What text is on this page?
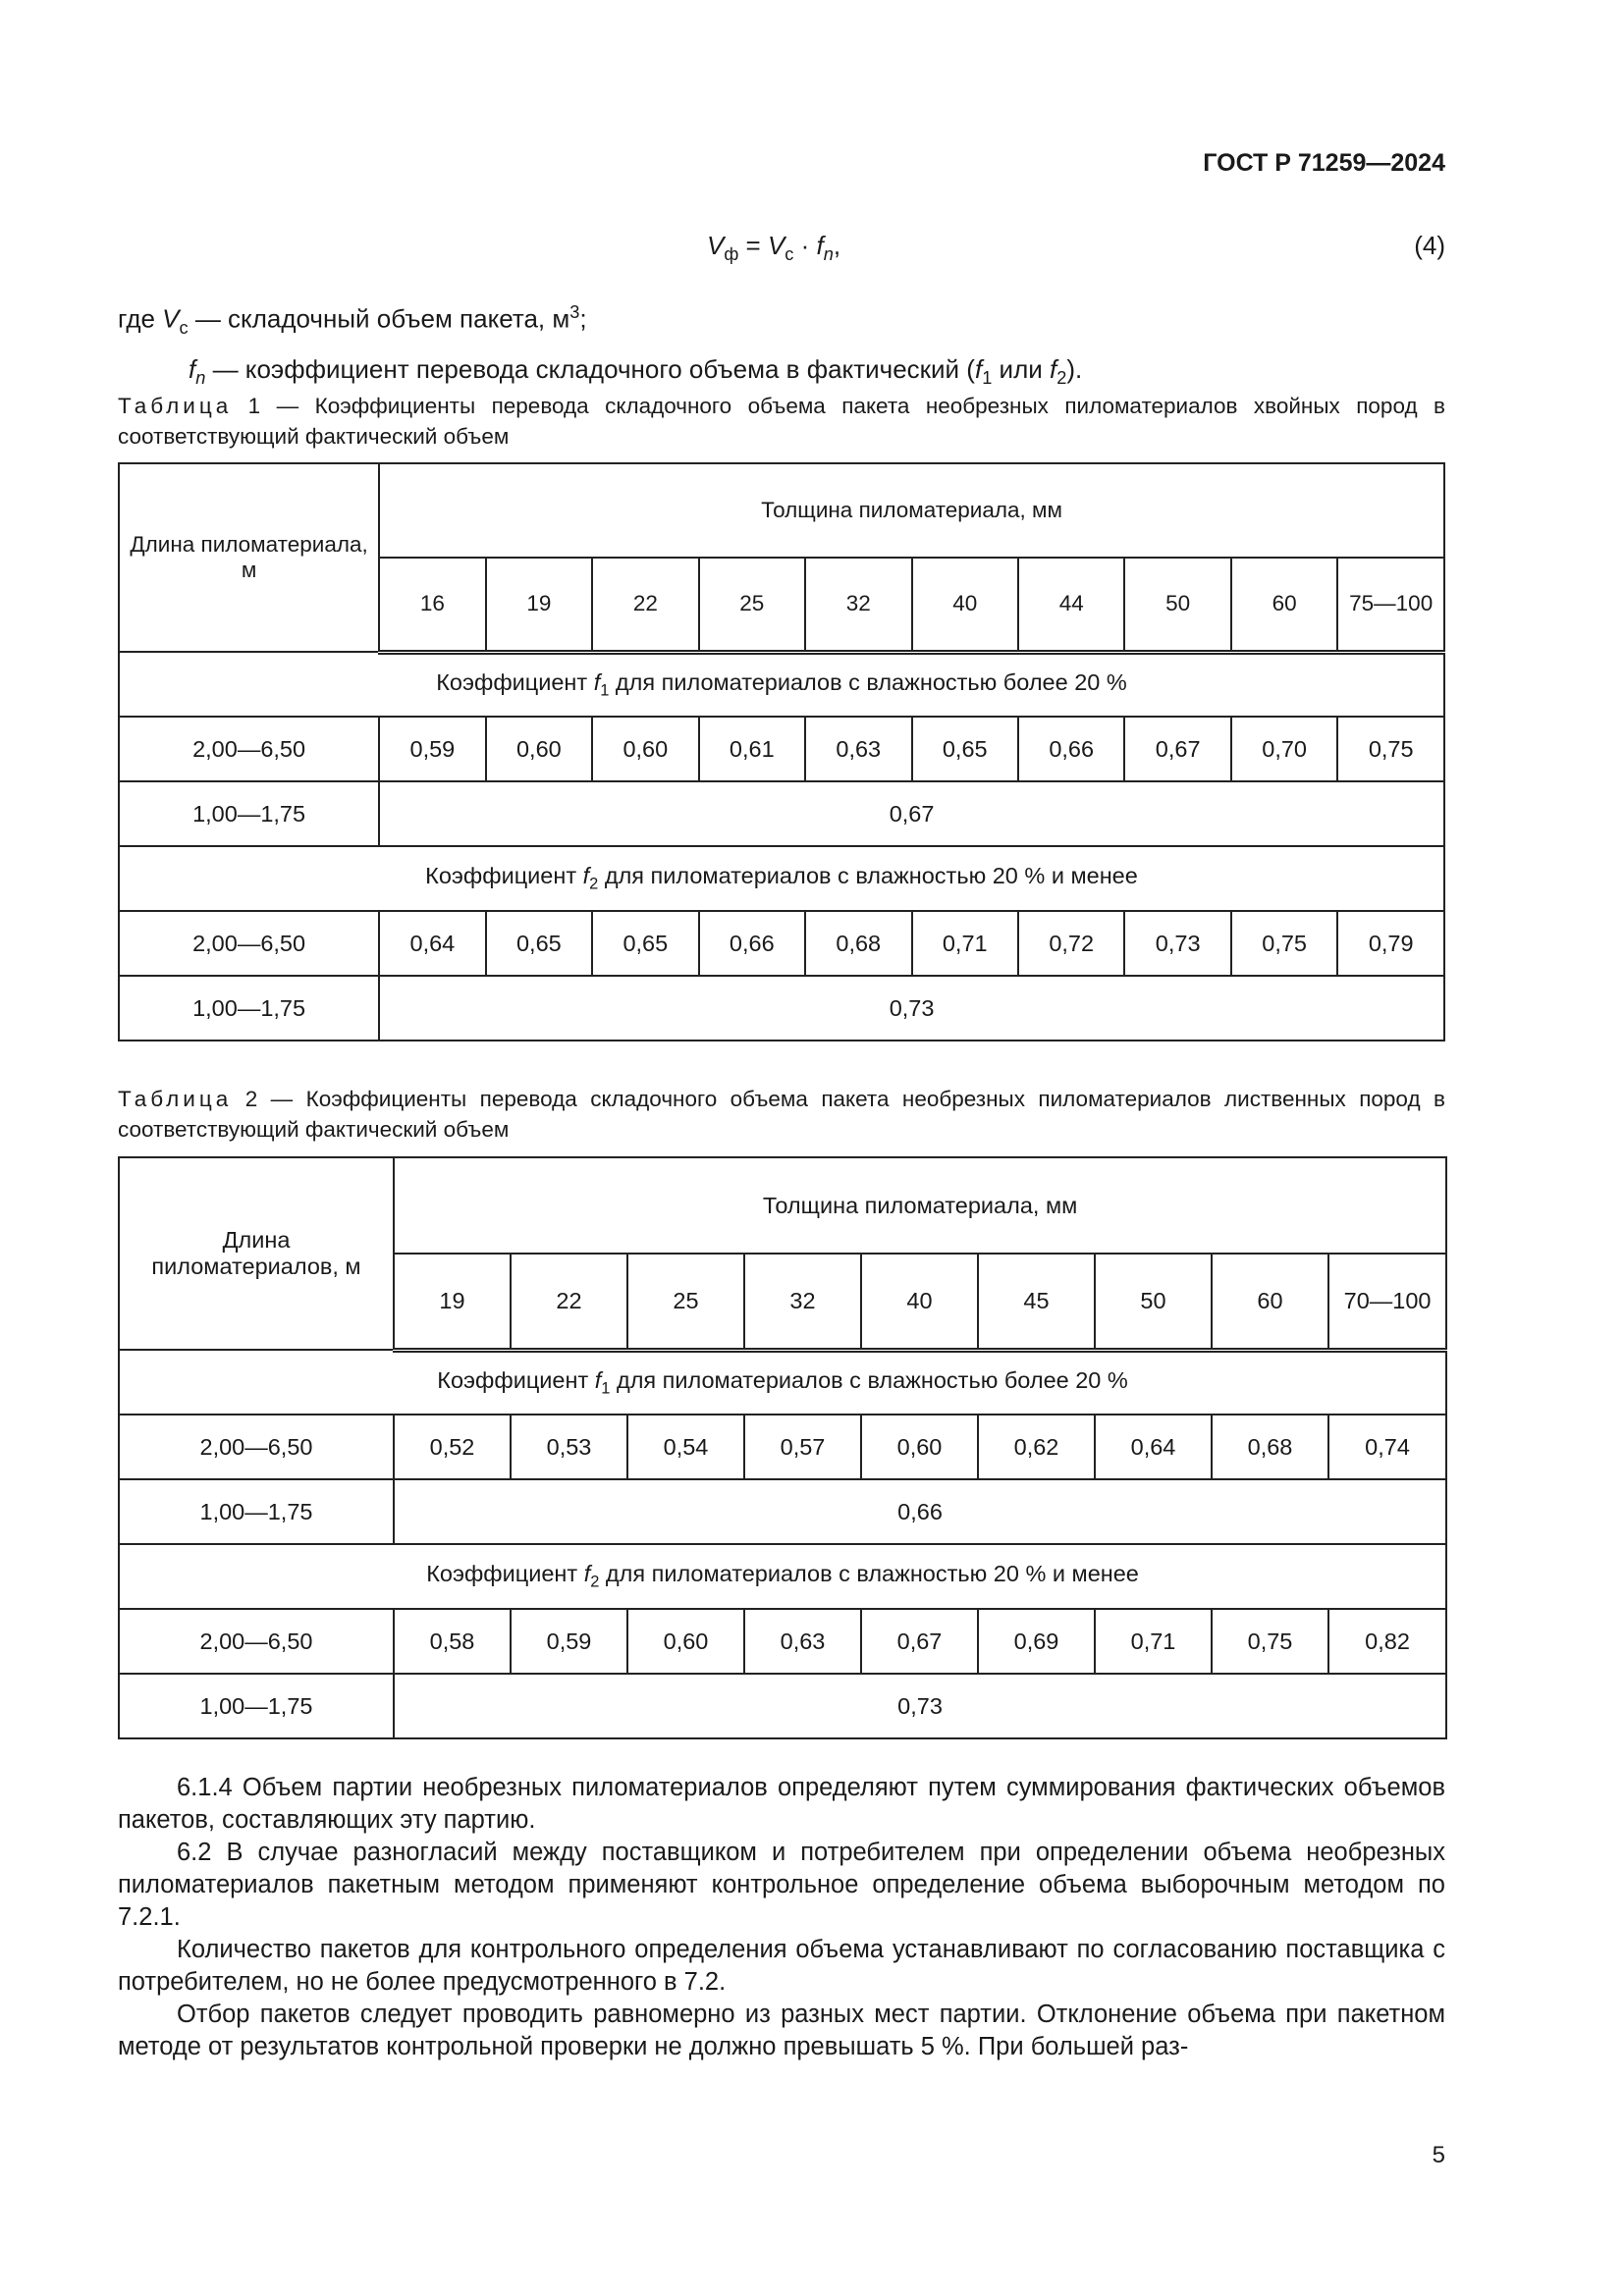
ГОСТ Р 71259—2024
$V_ф = V_с \cdot f_n$,	(4)
где $V_с$ — складочный объем пакета, $м^3$;
$f_n$ — коэффициент перевода складочного объема в фактический ($f_1$ или $f_2$).
Таблица 1 — Коэффициенты перевода складочного объема пакета необрезных пиломатериалов хвойных пород в соответствующий фактический объем
Длина пиломатериала, м	Толщина пиломатериала, мм									
	16	19	22	25	32	40	44	50	60	75—100
Коэффициент $f_1$ для пиломатериалов с влажностью более 20 %										
2,00—6,50	0,59	0,60	0,60	0,61	0,63	0,65	0,66	0,67	0,70	0,75
1,00—1,75	0,67									
Коэффициент $f_2$ для пиломатериалов с влажностью 20 % и менее										
2,00—6,50	0,64	0,65	0,65	0,66	0,68	0,71	0,72	0,73	0,75	0,79
1,00—1,75	0,73									
Таблица 2 — Коэффициенты перевода складочного объема пакета необрезных пиломатериалов лиственных пород в соответствующий фактический объем
Длина пиломатериалов, м	Толщина пиломатериала, мм								
	19	22	25	32	40	45	50	60	70—100
Коэффициент $f_1$ для пиломатериалов с влажностью более 20 %									
2,00—6,50	0,52	0,53	0,54	0,57	0,60	0,62	0,64	0,68	0,74
1,00—1,75	0,66								
Коэффициент $f_2$ для пиломатериалов с влажностью 20 % и менее									
2,00—6,50	0,58	0,59	0,60	0,63	0,67	0,69	0,71	0,75	0,82
1,00—1,75	0,73								

6.1.4 Объем партии необрезных пиломатериалов определяют путем суммирования фактических объемов пакетов, составляющих эту партию.

6.2 В случае разногласий между поставщиком и потребителем при определении объема необрезных пиломатериалов пакетным методом применяют контрольное определение объема выборочным методом по 7.2.1.

Количество пакетов для контрольного определения объема устанавливают по согласованию поставщика с потребителем, но не более предусмотренного в 7.2.

Отбор пакетов следует проводить равномерно из разных мест партии. Отклонение объема при пакетном методе от результатов контрольной проверки не должно превышать 5 %. При большей раз-

5
